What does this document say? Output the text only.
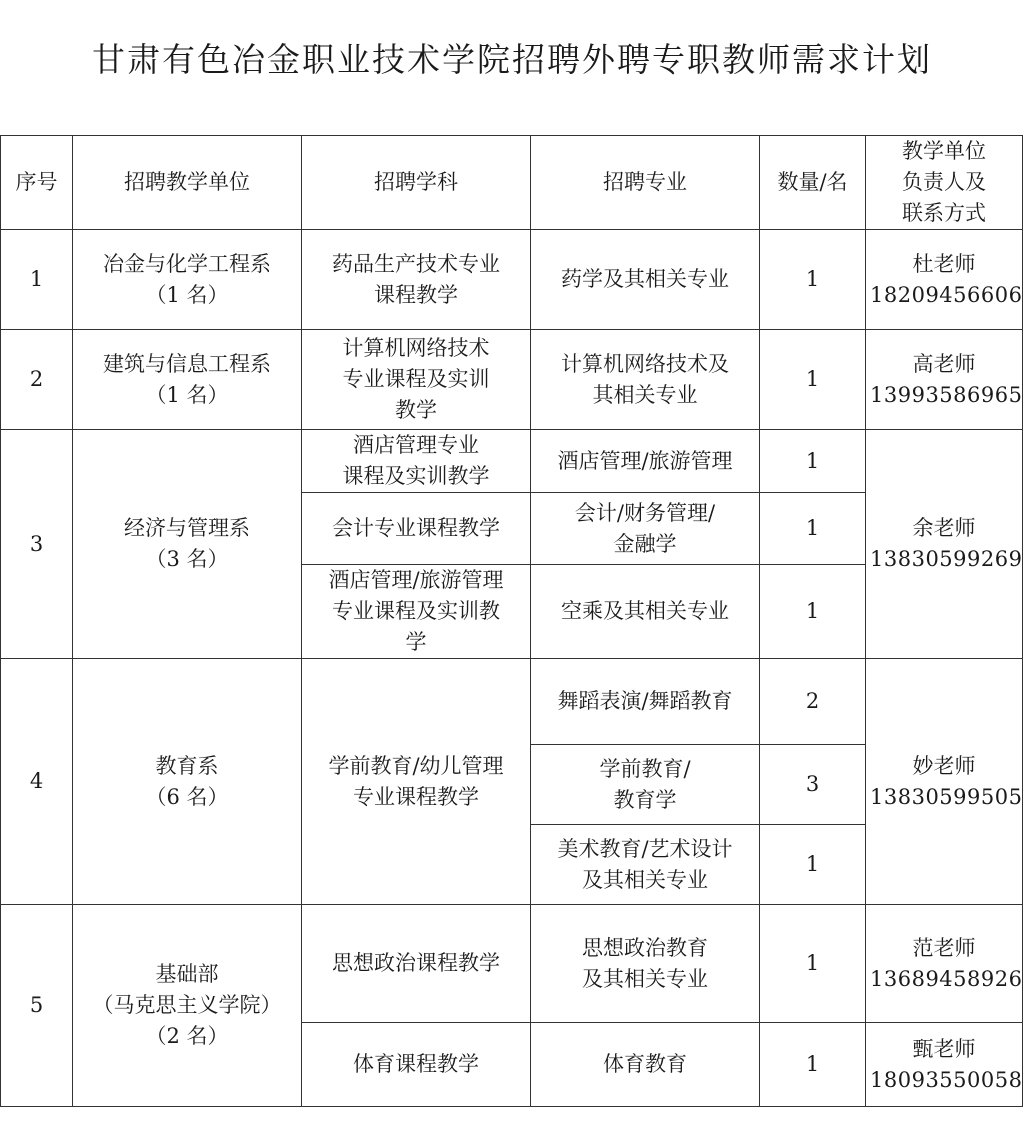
甘肃有色冶金职业技术学院招聘外聘专职教师需求计划
序号	招聘教学单位	招聘学科	招聘专业	数量/名	教学单位
负责人及
联系方式

1	冶金与化学工程系
（1 名）	药品生产技术专业
课程教学	药学及其相关专业	1	杜老师
18209456606

2	建筑与信息工程系
（1 名）	计算机网络技术
专业课程及实训
教学	计算机网络技术及
其相关专业	1	高老师
13993586965

3	经济与管理系
（3 名）	酒店管理专业
课程及实训教学	酒店管理/旅游管理	1	余老师
13830599269

		会计专业课程教学	会计/财务管理/
金融学	1	

		酒店管理/旅游管理
专业课程及实训教
学	空乘及其相关专业	1	
4	教育系
（6 名）	学前教育/幼儿管理
专业课程教学	舞蹈表演/舞蹈教育	2	妙老师
13830599505

			学前教育/
教育学	3	

			美术教育/艺术设计
及其相关专业	1	
5	基础部
（马克思主义学院）
（2 名）	思想政治课程教学	思想政治教育
及其相关专业	1	范老师
13689458926

		体育课程教学	体育教育	1	甄老师
18093550058
